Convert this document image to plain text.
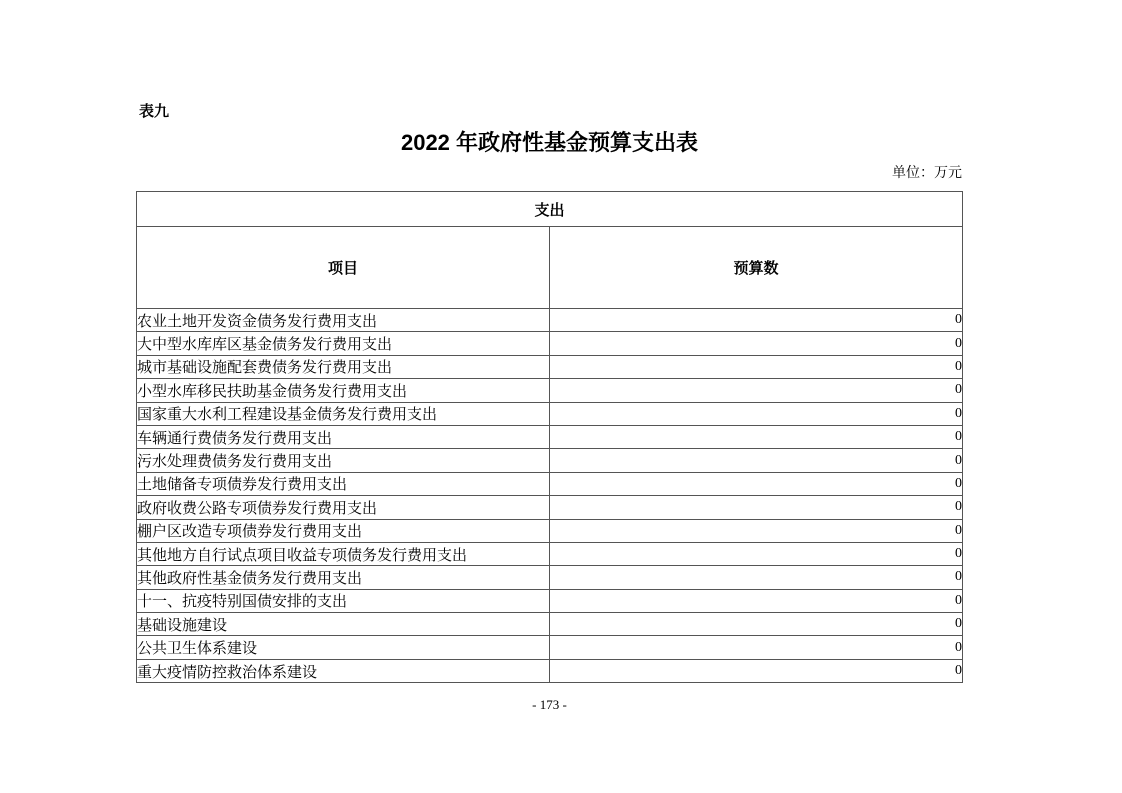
表九
2022 年政府性基金预算支出表
单位：万元
支出	
项目	预算数
农业土地开发资金债务发行费用支出	0
大中型水库库区基金债务发行费用支出	0
城市基础设施配套费债务发行费用支出	0
小型水库移民扶助基金债务发行费用支出	0
国家重大水利工程建设基金债务发行费用支出	0
车辆通行费债务发行费用支出	0
污水处理费债务发行费用支出	0
土地储备专项债券发行费用支出	0
政府收费公路专项债券发行费用支出	0
棚户区改造专项债券发行费用支出	0
其他地方自行试点项目收益专项债务发行费用支出	0
其他政府性基金债务发行费用支出	0
十一、抗疫特别国债安排的支出	0
基础设施建设	0
公共卫生体系建设	0
重大疫情防控救治体系建设	0
- 173 -
